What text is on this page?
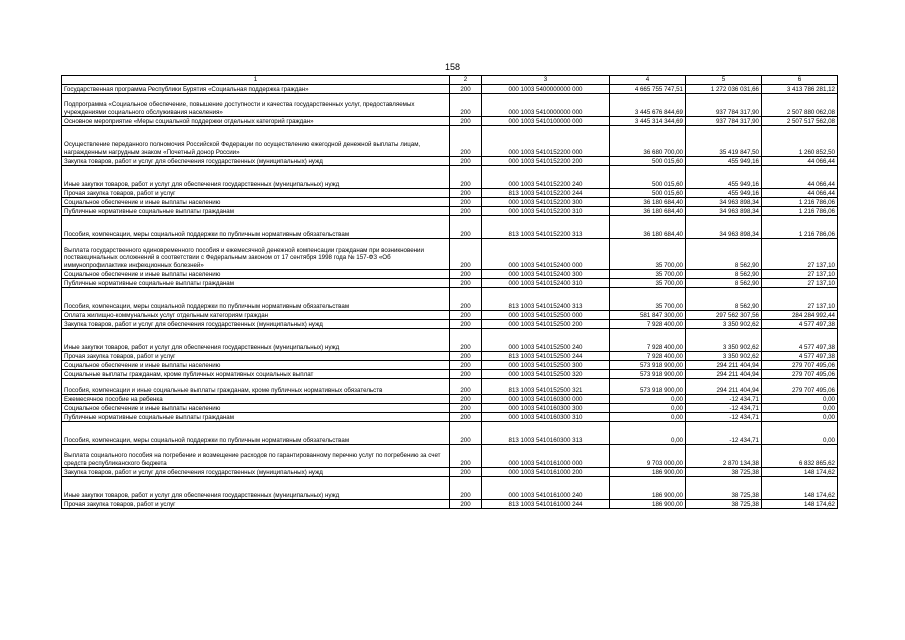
158
1	2	3	4	5	6
Государственная программа Республики Бурятия «Социальная поддержка граждан»	200	000 1003 5400000000 000	4 665 755 747,51	1 272 036 031,66	3 413 786 281,12
Подпрограмма «Социальное обеспечение, повышение доступности и качества государственных услуг, предоставляемых учреждениями социального обслуживания населения»	200	000 1003 5410000000 000	3 445 676 844,69	937 784 317,90	2 507 880 062,08
Основное мероприятие «Меры социальной поддержки отдельных категорий граждан»	200	000 1003 5410100000 000	3 445 314 344,69	937 784 317,90	2 507 517 562,08
Осуществление переданного полномочия Российской Федерации по осуществлению ежегодной денежной выплаты лицам, награжденным нагрудным знаком «Почетный донор России»	200	000 1003 5410152200 000	36 680 700,00	35 419 847,50	1 260 852,50
Закупка товаров, работ и услуг для обеспечения государственных (муниципальных) нужд	200	000 1003 5410152200 200	500 015,60	455 949,16	44 066,44
Иные закупки товаров, работ и услуг для обеспечения государственных (муниципальных) нужд	200	000 1003 5410152200 240	500 015,60	455 949,16	44 066,44
Прочая закупка товаров, работ и услуг	200	813 1003 5410152200 244	500 015,60	455 949,16	44 066,44
Социальное обеспечение и иные выплаты населению	200	000 1003 5410152200 300	36 180 684,40	34 963 898,34	1 216 786,06
Публичные нормативные социальные выплаты гражданам	200	000 1003 5410152200 310	36 180 684,40	34 963 898,34	1 216 786,06
Пособия, компенсации, меры социальной поддержки по публичным нормативным обязательствам	200	813 1003 5410152200 313	36 180 684,40	34 963 898,34	1 216 786,06
Выплата государственного единовременного пособия и ежемесячной денежной компенсации гражданам при возникновении поствакцинальных осложнений в соответствии с Федеральным законом от 17 сентября 1998 года № 157-ФЗ «Об иммунопрофилактике инфекционных болезней»	200	000 1003 5410152400 000	35 700,00	8 562,90	27 137,10
Социальное обеспечение и иные выплаты населению	200	000 1003 5410152400 300	35 700,00	8 562,90	27 137,10
Публичные нормативные социальные выплаты гражданам	200	000 1003 5410152400 310	35 700,00	8 562,90	27 137,10
Пособия, компенсации, меры социальной поддержки по публичным нормативным обязательствам	200	813 1003 5410152400 313	35 700,00	8 562,90	27 137,10
Оплата жилищно-коммунальных услуг отдельным категориям граждан	200	000 1003 5410152500 000	581 847 300,00	297 562 307,56	284 284 992,44
Закупка товаров, работ и услуг для обеспечения государственных (муниципальных) нужд	200	000 1003 5410152500 200	7 928 400,00	3 350 902,62	4 577 497,38
Иные закупки товаров, работ и услуг для обеспечения государственных (муниципальных) нужд	200	000 1003 5410152500 240	7 928 400,00	3 350 902,62	4 577 497,38
Прочая закупка товаров, работ и услуг	200	813 1003 5410152500 244	7 928 400,00	3 350 902,62	4 577 497,38
Социальное обеспечение и иные выплаты населению	200	000 1003 5410152500 300	573 918 900,00	294 211 404,94	279 707 495,06
Социальные выплаты гражданам, кроме публичных нормативных социальных выплат	200	000 1003 5410152500 320	573 918 900,00	294 211 404,94	279 707 495,06
Пособия, компенсации и иные социальные выплаты гражданам, кроме публичных нормативных обязательств	200	813 1003 5410152500 321	573 918 900,00	294 211 404,94	279 707 495,06
Ежемесячное пособие на ребенка	200	000 1003 5410160300 000	0,00	-12 434,71	0,00
Социальное обеспечение и иные выплаты населению	200	000 1003 5410160300 300	0,00	-12 434,71	0,00
Публичные нормативные социальные выплаты гражданам	200	000 1003 5410160300 310	0,00	-12 434,71	0,00
Пособия, компенсации, меры социальной поддержки по публичным нормативным обязательствам	200	813 1003 5410160300 313	0,00	-12 434,71	0,00
Выплата социального пособия на погребение и возмещение расходов по гарантированному перечню услуг по погребению за счет средств республиканского бюджета	200	000 1003 5410161000 000	9 703 000,00	2 870 134,38	6 832 865,62
Закупка товаров, работ и услуг для обеспечения государственных (муниципальных) нужд	200	000 1003 5410161000 200	186 900,00	38 725,38	148 174,62
Иные закупки товаров, работ и услуг для обеспечения государственных (муниципальных) нужд	200	000 1003 5410161000 240	186 900,00	38 725,38	148 174,62
Прочая закупка товаров, работ и услуг	200	813 1003 5410161000 244	186 900,00	38 725,38	148 174,62
